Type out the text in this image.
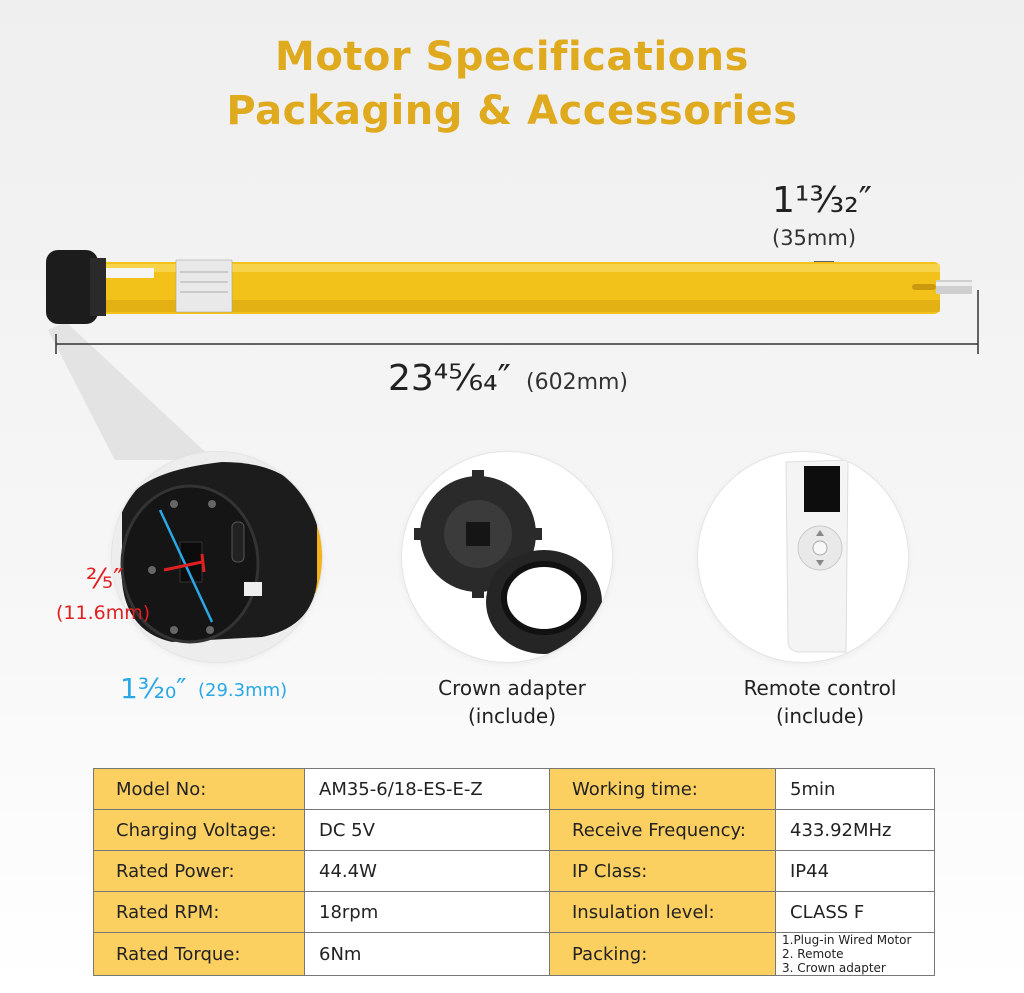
Motor Specifications
Packaging & Accessories
23⁴⁵⁄₆₄″ (602mm)
1¹³⁄₃₂″
(35mm)
²⁄₅″
(11.6mm)
1³⁄₂₀″ (29.3mm)	Crown adapter
(include)
Remote control
(include)
Model No:	AM35-6/18-ES-E-Z	Working time:	5min
Charging Voltage:	DC 5V	Receive Frequency:	433.92MHz
Rated Power:	44.4W	IP Class:	IP44
Rated RPM:	18rpm	Insulation level:	CLASS F
Rated Torque:	6Nm	Packing:	1.Plug-in Wired Motor
2. Remote
3. Crown adapter
